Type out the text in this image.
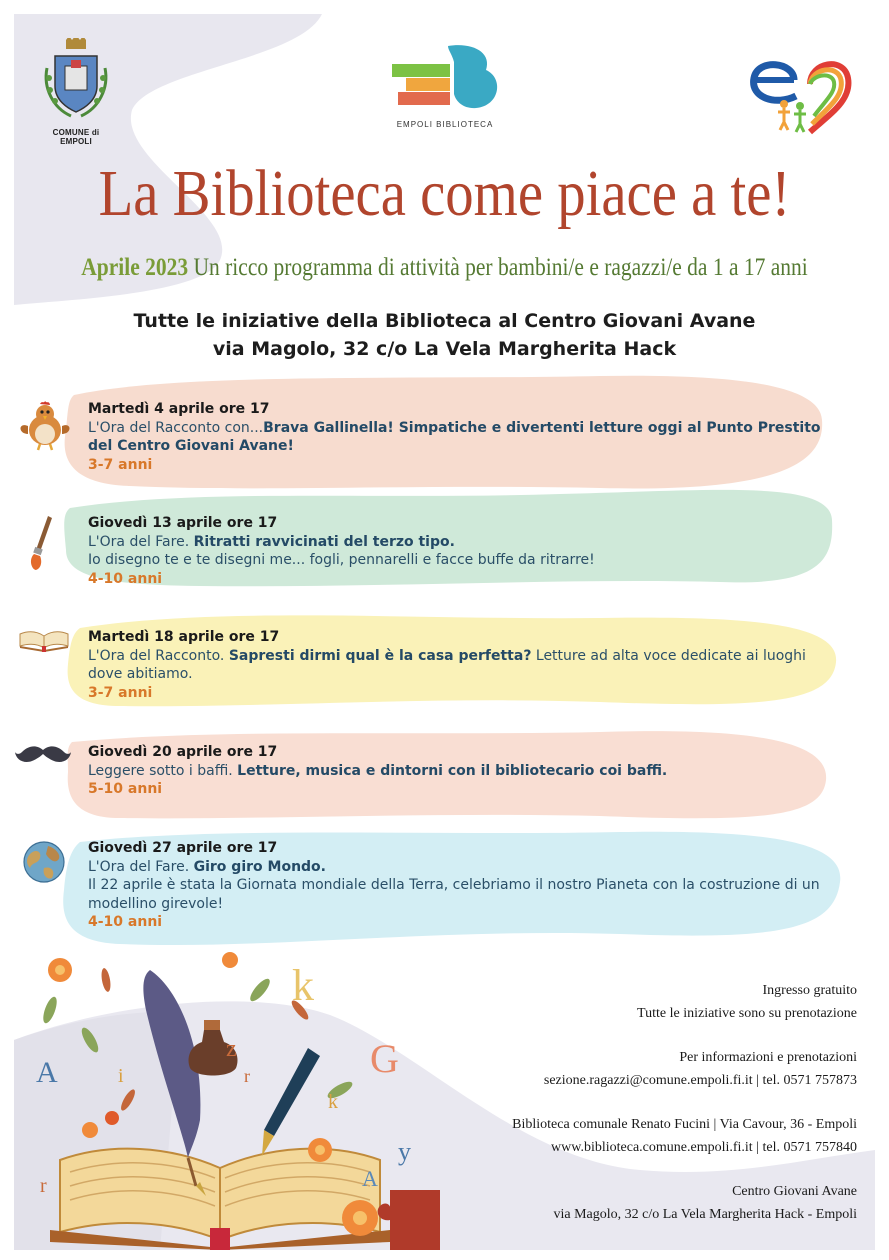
COMUNE di EMPOLI
EMPOLI BIBLIOTECA
La Biblioteca come piace a te!
Aprile 2023 Un ricco programma di attività per bambini/e e ragazzi/e da 1 a 17 anni
Tutte le iniziative della Biblioteca al Centro Giovani Avane
via Magolo, 32 c/o La Vela Margherita Hack
Martedì 4 aprile ore 17
L'Ora del Racconto con...Brava Gallinella! Simpatiche e divertenti letture oggi al Punto Prestito del Centro Giovani Avane!
3-7 anni
Giovedì 13 aprile ore 17
L'Ora del Fare. Ritratti ravvicinati del terzo tipo.
Io disegno te e te disegni me... fogli, pennarelli e facce buffe da ritrarre!
4-10 anni
Martedì 18 aprile ore 17
L'Ora del Racconto. Sapresti dirmi qual è la casa perfetta? Letture ad alta voce dedicate ai luoghi dove abitiamo.
3-7 anni
Giovedì 20 aprile ore 17
Leggere sotto i baffi. Letture, musica e dintorni con il bibliotecario coi baffi.
5-10 anni
Giovedì 27 aprile ore 17
L'Ora del Fare. Giro giro Mondo.
Il 22 aprile è stata la Giornata mondiale della Terra, celebriamo il nostro Pianeta con la costruzione di un modellino girevole!
4-10 anni
A	i
z
r
k
G
y
k
r	A
Ingresso gratuito
Tutte le iniziative sono su prenotazione
Per informazioni e prenotazioni
sezione.ragazzi@comune.empoli.fi.it | tel. 0571 757873
Biblioteca comunale Renato Fucini | Via Cavour, 36 - Empoli
www.biblioteca.comune.empoli.fi.it | tel. 0571 757840
Centro Giovani Avane
via Magolo, 32 c/o La Vela Margherita Hack - Empoli
